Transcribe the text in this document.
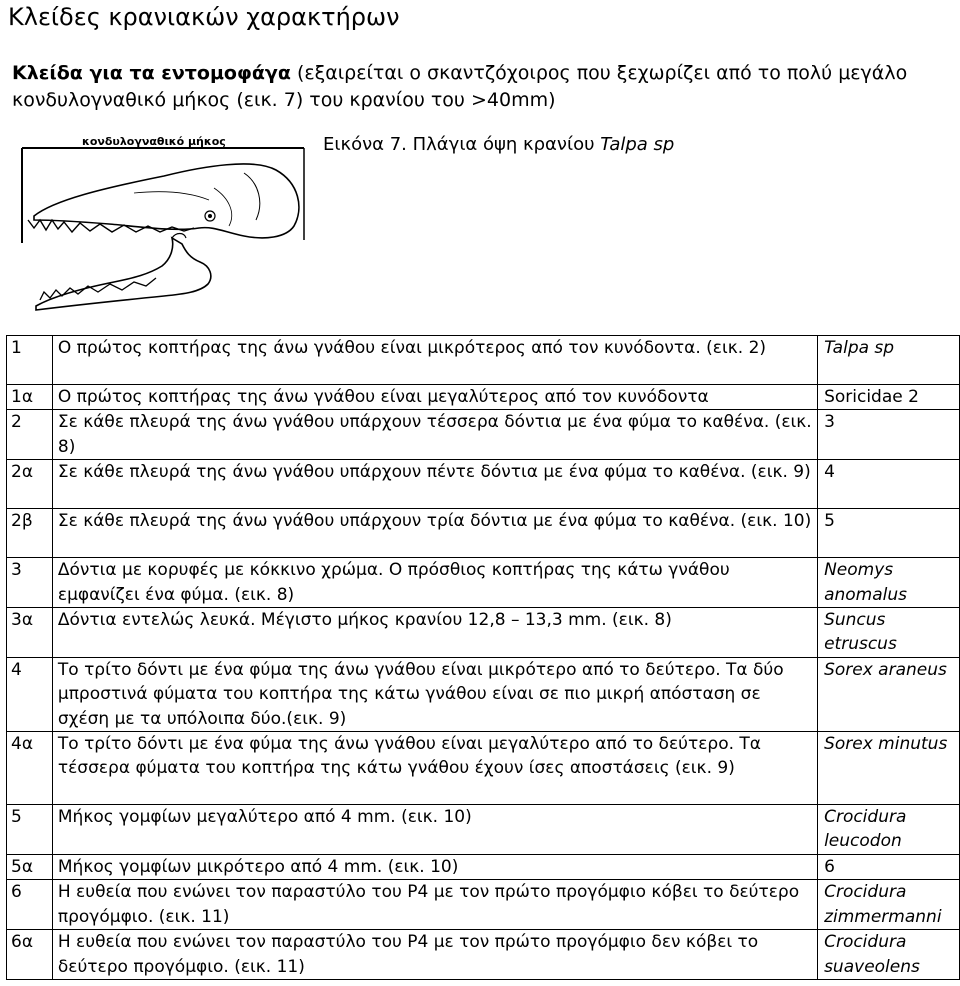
Κλείδες κρανιακών χαρακτήρων
Κλείδα για τα εντομοφάγα (εξαιρείται ο σκαντζόχοιρος που ξεχωρίζει από το πολύ μεγάλο κονδυλογναθικό μήκος (εικ. 7) του κρανίου του >40mm)
Εικόνα 7. Πλάγια όψη κρανίου Talpa sp
κονδυλογναθικό μήκος
1	Ο πρώτος κοπτήρας της άνω γνάθου είναι μικρότερος από τον κυνόδοντα. (εικ. 2)	Talpa sp
1α	Ο πρώτος κοπτήρας της άνω γνάθου είναι μεγαλύτερος από τον κυνόδοντα	Soricidae 2
2	Σε κάθε πλευρά της άνω γνάθου υπάρχουν τέσσερα δόντια με ένα φύμα το καθένα. (εικ. 8)	3
2α	Σε κάθε πλευρά της άνω γνάθου υπάρχουν πέντε δόντια με ένα φύμα το καθένα. (εικ. 9)	4
2β	Σε κάθε πλευρά της άνω γνάθου υπάρχουν τρία δόντια με ένα φύμα το καθένα. (εικ. 10)	5
3	Δόντια με κορυφές με κόκκινο χρώμα. Ο πρόσθιος κοπτήρας της κάτω γνάθου εμφανίζει ένα φύμα. (εικ. 8)	Neomys anomalus
3α	Δόντια εντελώς λευκά. Μέγιστο μήκος κρανίου 12,8 – 13,3 mm. (εικ. 8)	Suncus etruscus
4	Το τρίτο δόντι με ένα φύμα της άνω γνάθου είναι μικρότερο από το δεύτερο. Τα δύο μπροστινά φύματα του κοπτήρα της κάτω γνάθου είναι σε πιο μικρή απόσταση σε σχέση με τα υπόλοιπα δύο.(εικ. 9)	Sorex araneus
4α	Το τρίτο δόντι με ένα φύμα της άνω γνάθου είναι μεγαλύτερο από το δεύτερο. Τα τέσσερα φύματα του κοπτήρα της κάτω γνάθου έχουν ίσες αποστάσεις (εικ. 9)	Sorex minutus
5	Μήκος γομφίων μεγαλύτερο από 4 mm. (εικ. 10)	Crocidura leucodon
5α	Μήκος γομφίων μικρότερο από 4 mm. (εικ. 10)	6
6	Η ευθεία που ενώνει τον παραστύλο του P4 με τον πρώτο προγόμφιο κόβει το δεύτερο προγόμφιο. (εικ. 11)	Crocidura zimmermanni
6α	Η ευθεία που ενώνει τον παραστύλο του P4 με τον πρώτο προγόμφιο δεν κόβει το δεύτερο προγόμφιο. (εικ. 11)	Crocidura suaveolens
